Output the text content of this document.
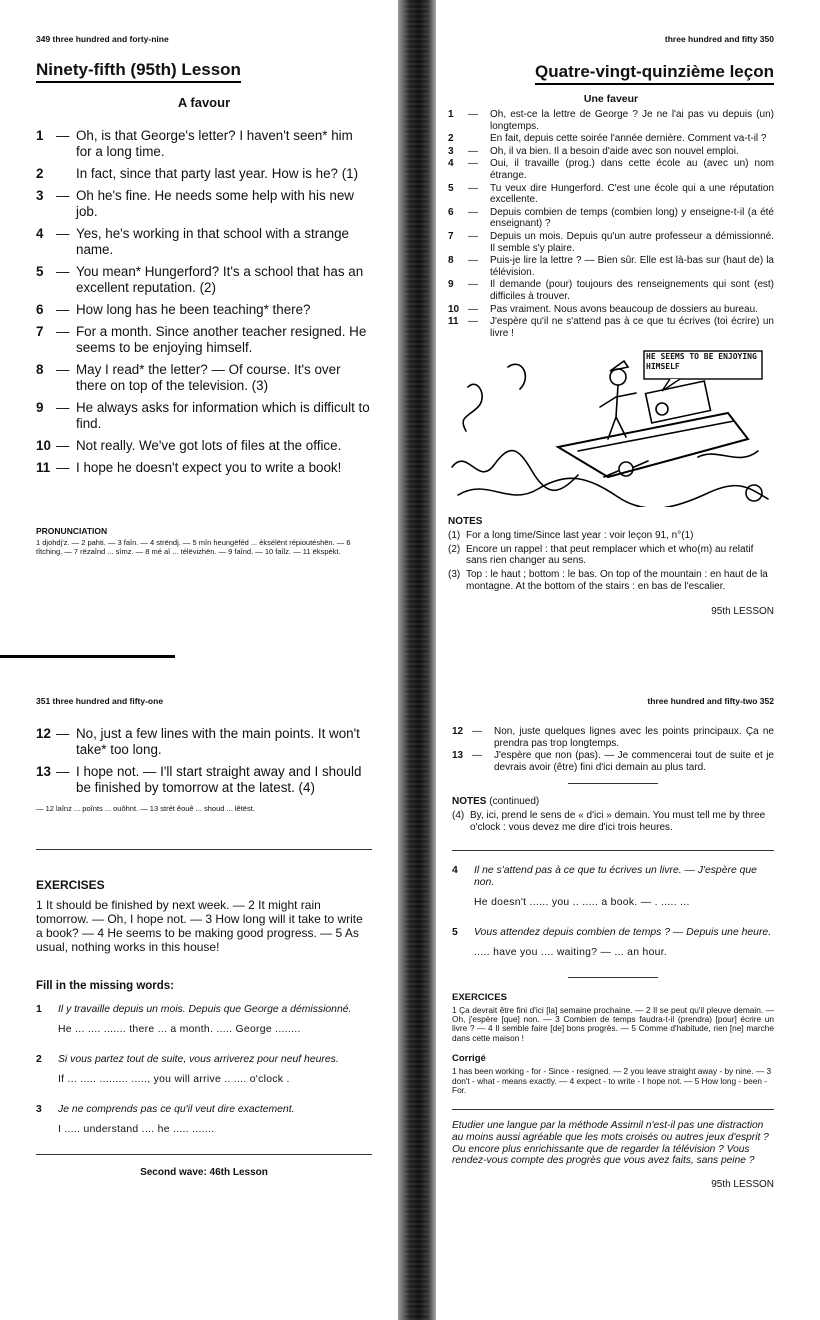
349 three hundred and forty-nine
Ninety-fifth (95th) Lesson
A favour
1 — Oh, is that George's letter? I haven't seen* him for a long time.
2	In fact, since that party last year. How is he? (1)
3 — Oh he's fine. He needs some help with his new job.
4 — Yes, he's working in that school with a strange name.
5 — You mean* Hungerford? It's a school that has an excellent reputation. (2)
6 — How long has he been teaching* there?
7 — For a month. Since another teacher resigned. He seems to be enjoying himself.
8 — May I read* the letter? — Of course. It's over there on top of the television. (3)
9 — He always asks for information which is difficult to find.
10 — Not really. We've got lots of files at the office.
11 — I hope he doesn't expect you to write a book!
PRONUNCIATION
1 djohdj'z. — 2 pahti. — 3 faîn. — 4 strëndj. — 5 mîn heungëféd ... èksélënt répioutéshën. — 6 tîtching. — 7 rëzaînd ... sîmz. — 8 mé aî ... télëvizhën. — 9 faînd. — 10 faîlz. — 11 ëkspèkt.
three hundred and fifty 350
Quatre-vingt-quinzième leçon
Une faveur
1	—	Oh, est-ce la lettre de George ? Je ne l'ai pas vu depuis (un) longtemps.
2	En fait, depuis cette soirée l'année dernière. Comment va-t-il ?
3	—	Oh, il va bien. Il a besoin d'aide avec son nouvel emploi.
4	—	Oui, il travaille (prog.) dans cette école au (avec un) nom étrange.
5	—	Tu veux dire Hungerford. C'est une école qui a une réputation excellente.
6	—	Depuis combien de temps (combien long) y enseigne-t-il (a été enseignant) ?
7	—	Depuis un mois. Depuis qu'un autre professeur a démissionné. Il semble s'y plaire.
8	—	Puis-je lire la lettre ? — Bien sûr. Elle est là-bas sur (haut de) la télévision.
9	—	Il demande (pour) toujours des renseignements qui sont (est) difficiles à trouver.
10 —	Pas vraiment. Nous avons beaucoup de dossiers au bureau.
11 —	J'espère qu'il ne s'attend pas à ce que tu écrives (toi écrire) un livre !
HE SEEMS TO BE ENJOYING HIMSELF
NOTES
(1) For a long time/Since last year : voir leçon 91, n°(1)
(2) Encore un rappel : that peut remplacer which et who(m) au relatif sans rien changer au sens.
(3) Top : le haut ; bottom : le bas. On top of the mountain : en haut de la montagne. At the bottom of the stairs : en bas de l'escalier.
95th LESSON
351 three hundred and fifty-one
12 — No, just a few lines with the main points. It won't take* too long.
13 — I hope not. — I'll start straight away and I should be finished by tomorrow at the latest. (4)
— 12 laînz ... poînts ... ouôhnt. — 13 strét êouê ... shoud ... lêtëst.
EXERCISES
1 It should be finished by next week. — 2 It might rain tomorrow. — Oh, I hope not. — 3 How long will it take to write a book? — 4 He seems to be making good progress. — 5 As usual, nothing works in this house!
Fill in the missing words:
1	Il y travaille depuis un mois. Depuis que George a démissionné.
He ... .... ....... there ... a month. ..... George ........
2	Si vous partez tout de suite, vous arriverez pour neuf heures.
If ... ..... ......... ....., you will arrive .. .... o'clock .
3	Je ne comprends pas ce qu'il veut dire exactement.
I ..... understand .... he ..... .......
Second wave: 46th Lesson
three hundred and fifty-two 352
12 —	Non, juste quelques lignes avec les points principaux. Ça ne prendra pas trop longtemps.
13 —	J'espère que non (pas). — Je commencerai tout de suite et je devrais avoir (être) fini d'ici demain au plus tard.
NOTES (continued)
(4) By, ici, prend le sens de « d'ici » demain. You must tell me by three o'clock : vous devez me dire d'ici trois heures.
4	Il ne s'attend pas à ce que tu écrives un livre. — J'espère que non.
He doesn't ...... you .. ..... a book. — . ..... ...
5	Vous attendez depuis combien de temps ? — Depuis une heure.
..... have you .... waiting? — ... an hour.
EXERCICES
1 Ça devrait être fini d'ici [la] semaine prochaine. — 2 Il se peut qu'il pleuve demain. — Oh, j'espère [que] non. — 3 Combien de temps faudra-t-il (prendra) [pour] écrire un livre ? — 4 Il semble faire [de] bons progrès. — 5 Comme d'habitude, rien [ne] marche dans cette maison !
Corrigé
1 has been working - for - Since - resigned. — 2 you leave straight away - by nine. — 3 don't - what - means exactly. — 4 expect - to write - I hope not. — 5 How long - been - For.
Etudier une langue par la méthode Assimil n'est-il pas une distraction au moins aussi agréable que les mots croisés ou autres jeux d'esprit ? Ou encore plus enrichissante que de regarder la télévision ? Vous rendez-vous compte des progrès que vous avez faits, sans peine ?
95th LESSON
